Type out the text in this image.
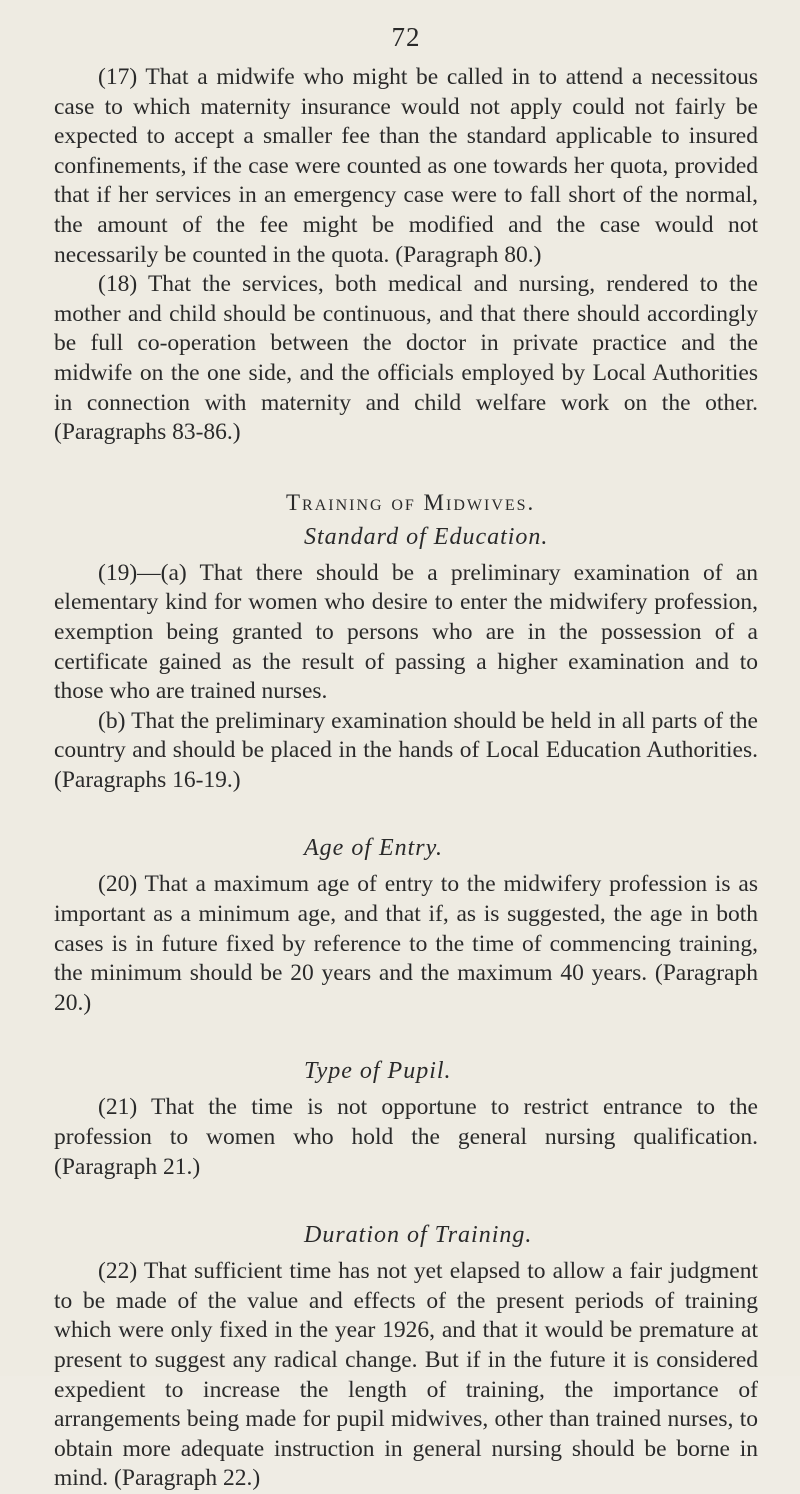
72

(17) That a midwife who might be called in to attend a necessitous case to which maternity insurance would not apply could not fairly be expected to accept a smaller fee than the standard applicable to insured confinements, if the case were counted as one towards her quota, provided that if her services in an emergency case were to fall short of the normal, the amount of the fee might be modified and the case would not necessarily be counted in the quota. (Paragraph 80.)

(18) That the services, both medical and nursing, rendered to the mother and child should be continuous, and that there should accordingly be full co-operation between the doctor in private practice and the midwife on the one side, and the officials employed by Local Authorities in connection with maternity and child welfare work on the other. (Paragraphs 83-86.)

Training of Midwives.
Standard of Education.

(19)—(a) That there should be a preliminary examination of an elementary kind for women who desire to enter the midwifery profession, exemption being granted to persons who are in the possession of a certificate gained as the result of passing a higher examination and to those who are trained nurses.

(b) That the preliminary examination should be held in all parts of the country and should be placed in the hands of Local Education Authorities. (Paragraphs 16-19.)

Age of Entry.

(20) That a maximum age of entry to the midwifery profession is as important as a minimum age, and that if, as is suggested, the age in both cases is in future fixed by reference to the time of commencing training, the minimum should be 20 years and the maximum 40 years. (Paragraph 20.)

Type of Pupil.

(21) That the time is not opportune to restrict entrance to the profession to women who hold the general nursing qualification. (Paragraph 21.)

Duration of Training.

(22) That sufficient time has not yet elapsed to allow a fair judgment to be made of the value and effects of the present periods of training which were only fixed in the year 1926, and that it would be premature at present to suggest any radical change. But if in the future it is considered expedient to increase the length of training, the importance of arrangements being made for pupil midwives, other than trained nurses, to obtain more adequate instruction in general nursing should be borne in mind. (Paragraph 22.)
